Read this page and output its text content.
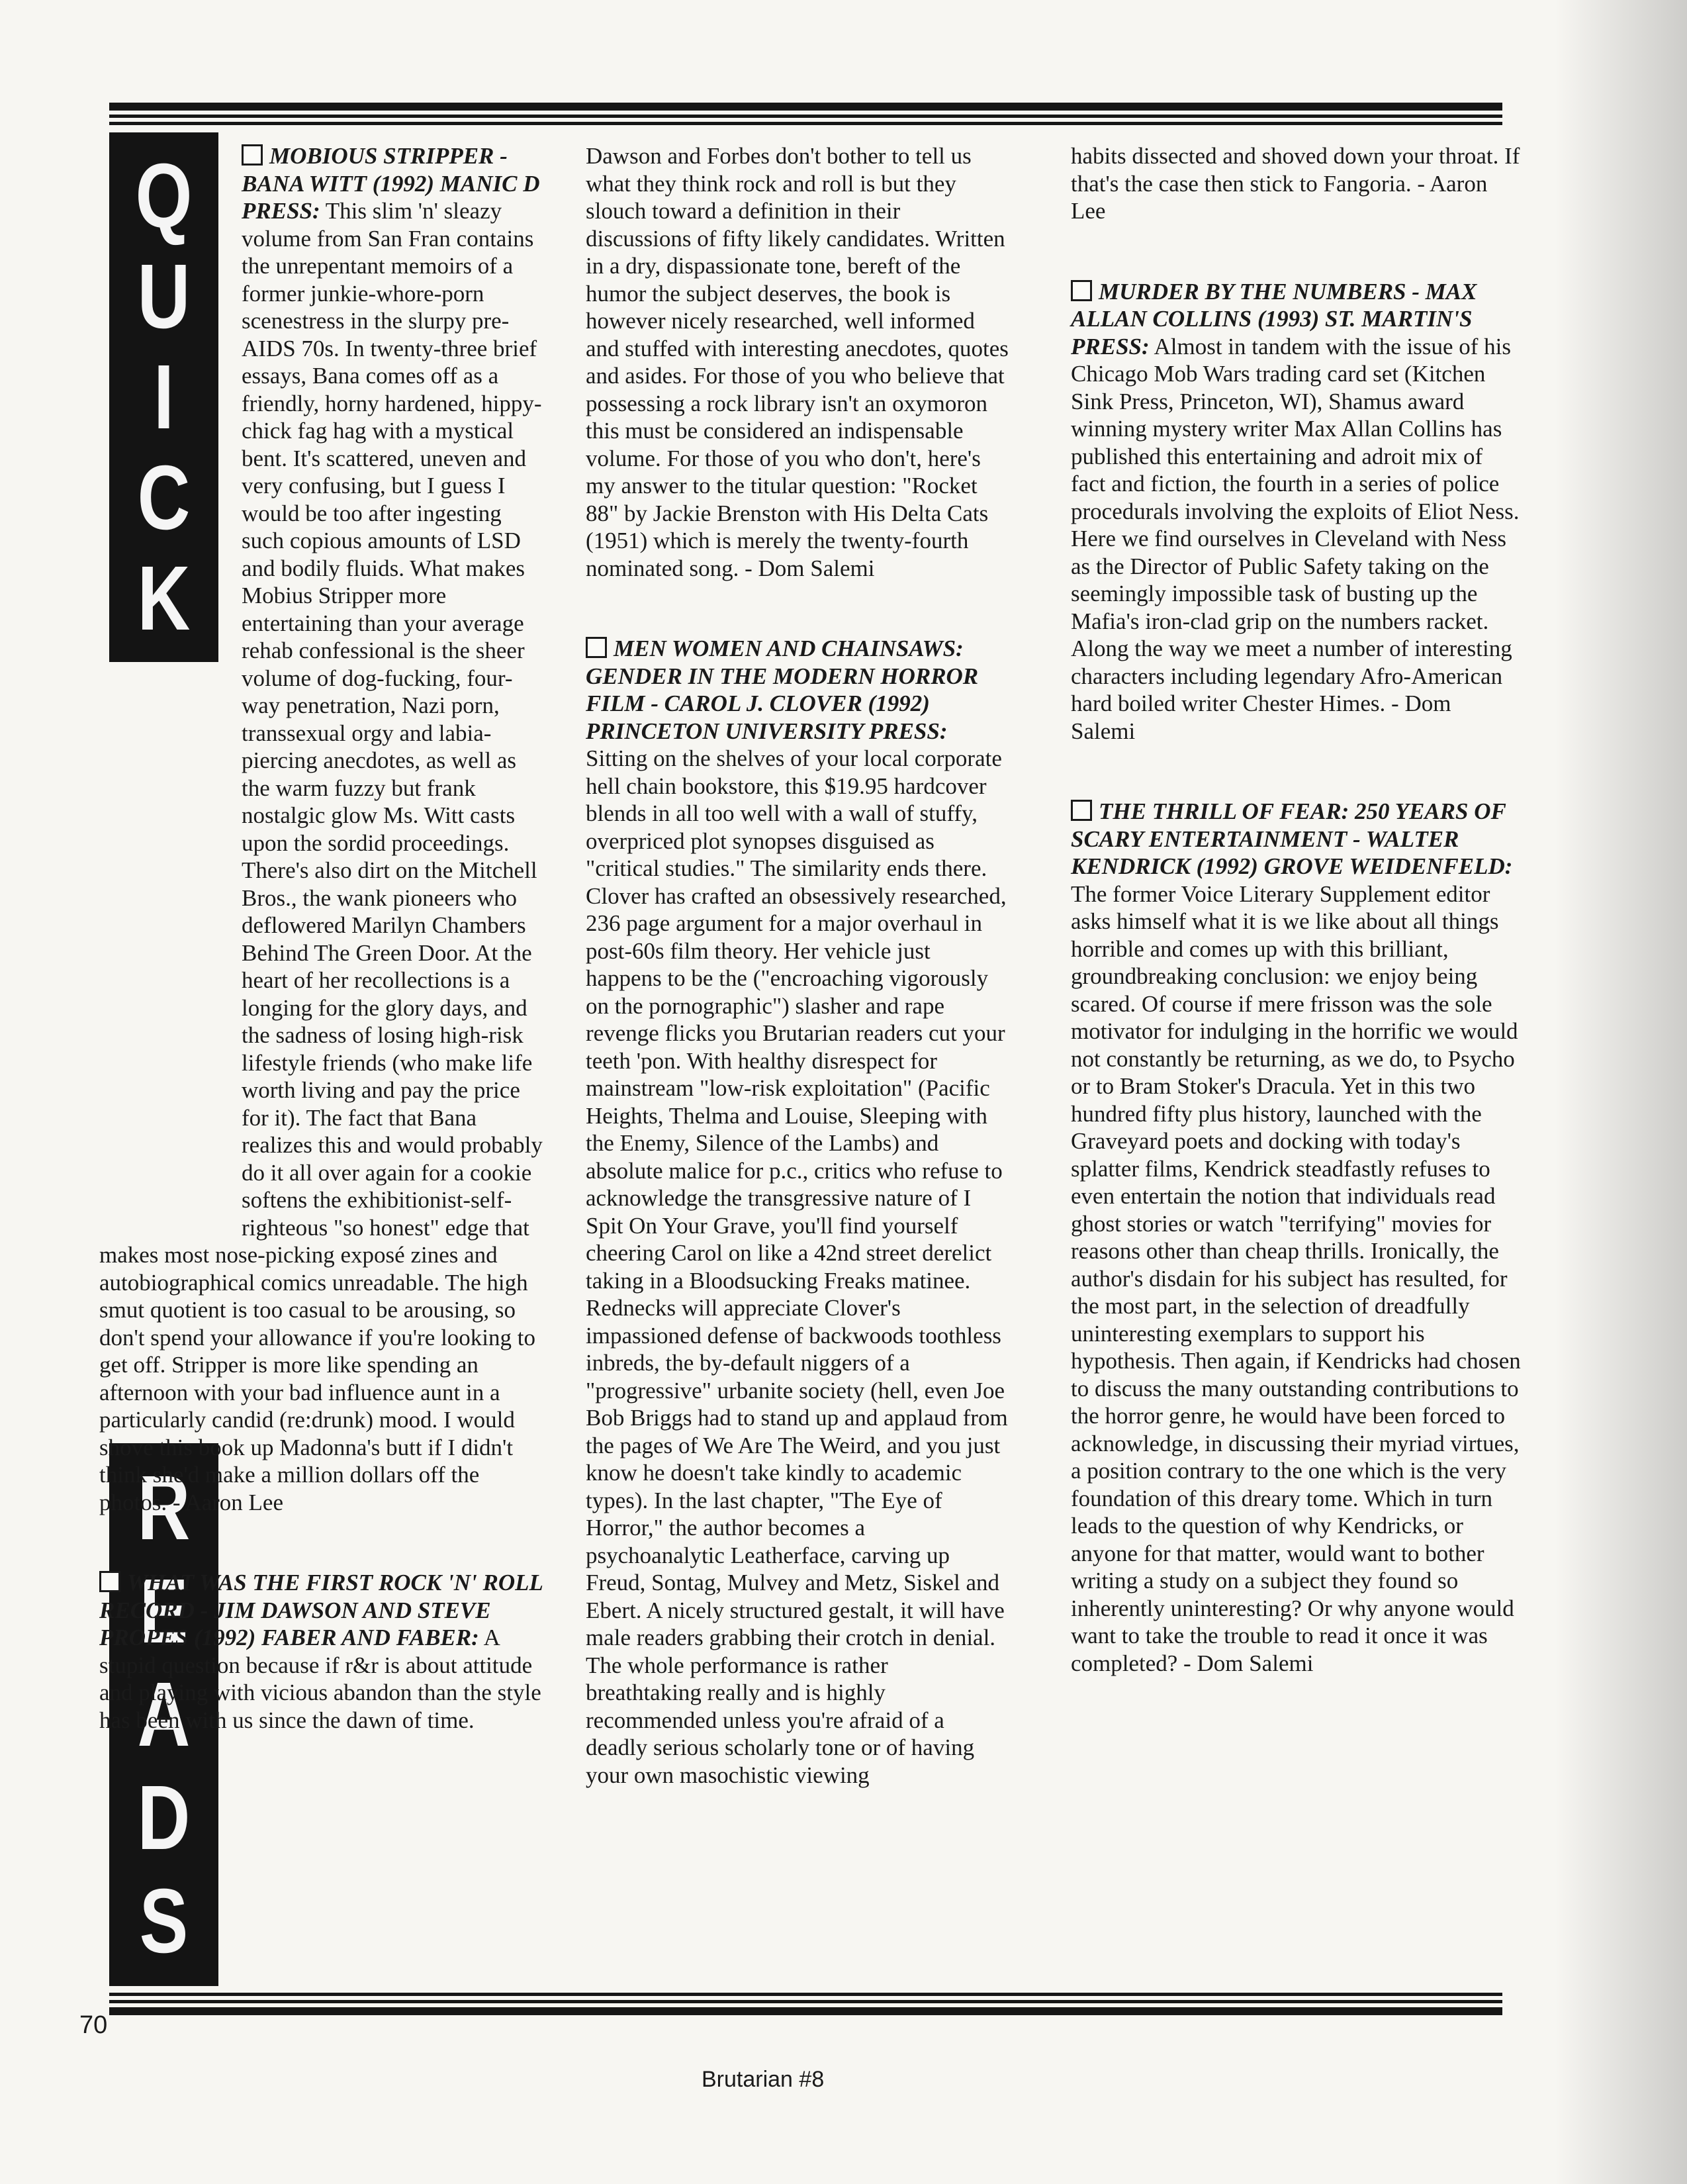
Q
U
I
C
K
R
E
A
D
S

MOBIOUS STRIPPER - BANA WITT (1992) MANIC D PRESS: This slim 'n' sleazy volume from San Fran contains the unrepentant memoirs of a former junkie-whore-porn scenestress in the slurpy pre-AIDS 70s. In twenty-three brief essays, Bana comes off as a friendly, horny hardened, hippy-chick fag hag with a mystical bent. It's scattered, uneven and very confusing, but I guess I would be too after ingesting such copious amounts of LSD and bodily fluids. What makes Mobius Stripper more entertaining than your average rehab confessional is the sheer volume of dog-fucking, four-way penetration, Nazi porn, transsexual orgy and labia-piercing anecdotes, as well as the warm fuzzy but frank nostalgic glow Ms. Witt casts upon the sordid proceedings. There's also dirt on the Mitchell Bros., the wank pioneers who deflowered Marilyn Chambers Behind The Green Door. At the heart of her recollections is a longing for the glory days, and the sadness of losing high-risk lifestyle friends (who make life worth living and pay the price for it). The fact that Bana realizes this and would probably do it all over again for a cookie softens the exhibitionist-self-righteous "so honest" edge that makes most nose-picking exposé zines and autobiographical comics unreadable. The high smut quotient is too casual to be arousing, so don't spend your allowance if you're looking to get off. Stripper is more like spending an afternoon with your bad influence aunt in a particularly candid (re:drunk) mood. I would shove this book up Madonna's butt if I didn't think she'd make a million dollars off the photos. - Aaron Lee

WHAT WAS THE FIRST ROCK 'N' ROLL RECORD - JIM DAWSON AND STEVE PROPES (1992) FABER AND FABER: A stupid question because if r&r is about attitude and playing with vicious abandon than the style has been with us since the dawn of time.

Dawson and Forbes don't bother to tell us what they think rock and roll is but they slouch toward a definition in their discussions of fifty likely candidates. Written in a dry, dispassionate tone, bereft of the humor the subject deserves, the book is however nicely researched, well informed and stuffed with interesting anecdotes, quotes and asides. For those of you who believe that possessing a rock library isn't an oxymoron this must be considered an indispensable volume. For those of you who don't, here's my answer to the titular question: "Rocket 88" by Jackie Brenston with His Delta Cats (1951) which is merely the twenty-fourth nominated song. - Dom Salemi

MEN WOMEN AND CHAINSAWS: GENDER IN THE MODERN HORROR FILM - CAROL J. CLOVER (1992) PRINCETON UNIVERSITY PRESS: Sitting on the shelves of your local corporate hell chain bookstore, this $19.95 hardcover blends in all too well with a wall of stuffy, overpriced plot synopses disguised as "critical studies." The similarity ends there. Clover has crafted an obsessively researched, 236 page argument for a major overhaul in post-60s film theory. Her vehicle just happens to be the ("encroaching vigorously on the pornographic") slasher and rape revenge flicks you Brutarian readers cut your teeth 'pon. With healthy disrespect for mainstream "low-risk exploitation" (Pacific Heights, Thelma and Louise, Sleeping with the Enemy, Silence of the Lambs) and absolute malice for p.c., critics who refuse to acknowledge the transgressive nature of I Spit On Your Grave, you'll find yourself cheering Carol on like a 42nd street derelict taking in a Bloodsucking Freaks matinee. Rednecks will appreciate Clover's impassioned defense of backwoods toothless inbreds, the by-default niggers of a "progressive" urbanite society (hell, even Joe Bob Briggs had to stand up and applaud from the pages of We Are The Weird, and you just know he doesn't take kindly to academic types). In the last chapter, "The Eye of Horror," the author becomes a psychoanalytic Leatherface, carving up Freud, Sontag, Mulvey and Metz, Siskel and Ebert. A nicely structured gestalt, it will have male readers grabbing their crotch in denial. The whole performance is rather breathtaking really and is highly recommended unless you're afraid of a deadly serious scholarly tone or of having your own masochistic viewing

habits dissected and shoved down your throat. If that's the case then stick to Fangoria. - Aaron Lee

MURDER BY THE NUMBERS - MAX ALLAN COLLINS (1993) ST. MARTIN'S PRESS: Almost in tandem with the issue of his Chicago Mob Wars trading card set (Kitchen Sink Press, Princeton, WI), Shamus award winning mystery writer Max Allan Collins has published this entertaining and adroit mix of fact and fiction, the fourth in a series of police procedurals involving the exploits of Eliot Ness. Here we find ourselves in Cleveland with Ness as the Director of Public Safety taking on the seemingly impossible task of busting up the Mafia's iron-clad grip on the numbers racket. Along the way we meet a number of interesting characters including legendary Afro-American hard boiled writer Chester Himes. - Dom Salemi

THE THRILL OF FEAR: 250 YEARS OF SCARY ENTERTAINMENT - WALTER KENDRICK (1992) GROVE WEIDENFELD: The former Voice Literary Supplement editor asks himself what it is we like about all things horrible and comes up with this brilliant, groundbreaking conclusion: we enjoy being scared. Of course if mere frisson was the sole motivator for indulging in the horrific we would not constantly be returning, as we do, to Psycho or to Bram Stoker's Dracula. Yet in this two hundred fifty plus history, launched with the Graveyard poets and docking with today's splatter films, Kendrick steadfastly refuses to even entertain the notion that individuals read ghost stories or watch "terrifying" movies for reasons other than cheap thrills. Ironically, the author's disdain for his subject has resulted, for the most part, in the selection of dreadfully uninteresting exemplars to support his hypothesis. Then again, if Kendricks had chosen to discuss the many outstanding contributions to the horror genre, he would have been forced to acknowledge, in discussing their myriad virtues, a position contrary to the one which is the very foundation of this dreary tome. Which in turn leads to the question of why Kendricks, or anyone for that matter, would want to bother writing a study on a subject they found so inherently uninteresting? Or why anyone would want to take the trouble to read it once it was completed? - Dom Salemi

70
Brutarian #8
